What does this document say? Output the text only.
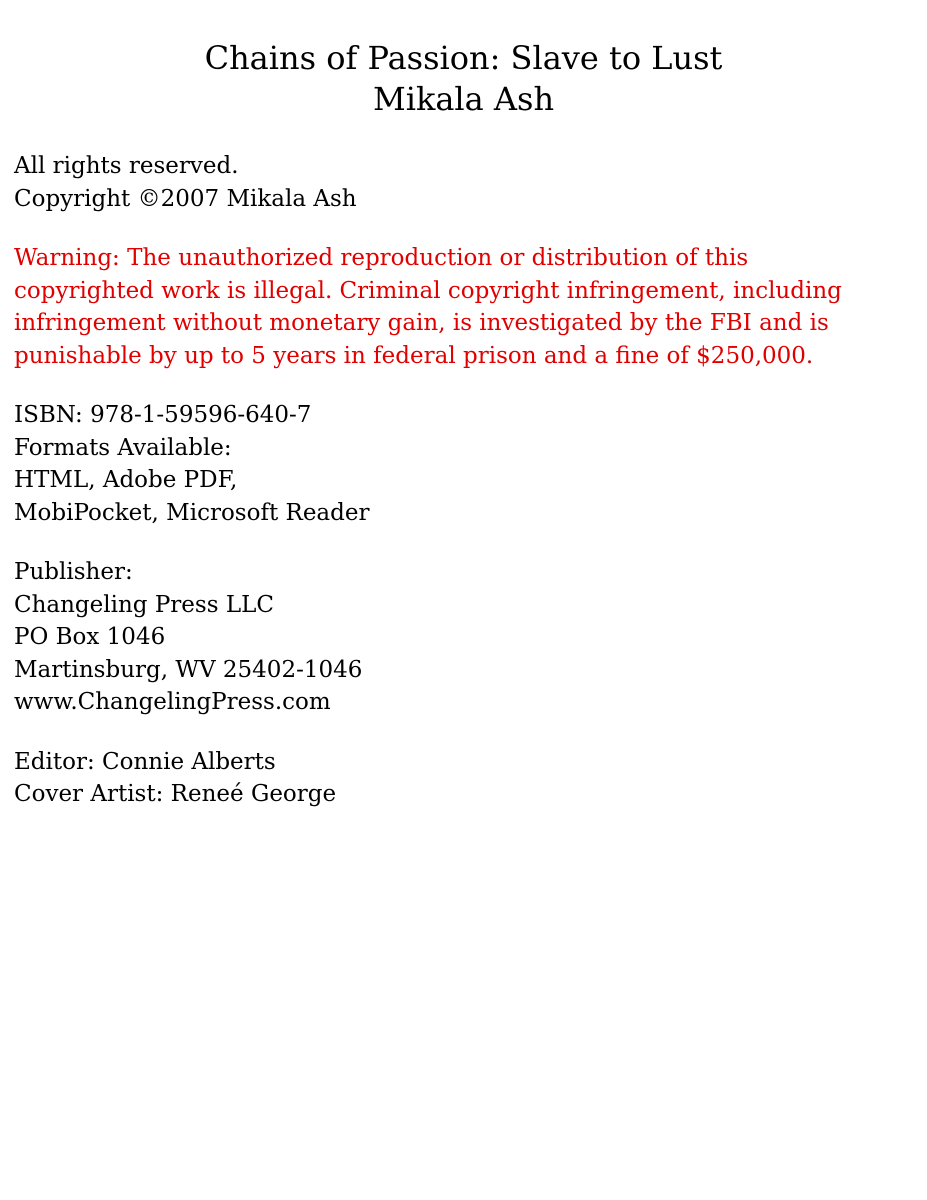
Chains of Passion: Slave to Lust
Mikala Ash
All rights reserved.
Copyright ©2007 Mikala Ash
Warning: The unauthorized reproduction or distribution of this
copyrighted work is illegal. Criminal copyright infringement, including
infringement without monetary gain, is investigated by the FBI and is
punishable by up to 5 years in federal prison and a fine of $250,000.
ISBN: 978-1-59596-640-7
Formats Available:
HTML, Adobe PDF,
MobiPocket, Microsoft Reader
Publisher:
Changeling Press LLC
PO Box 1046
Martinsburg, WV 25402-1046
www.ChangelingPress.com
Editor: Connie Alberts
Cover Artist: Reneé George
